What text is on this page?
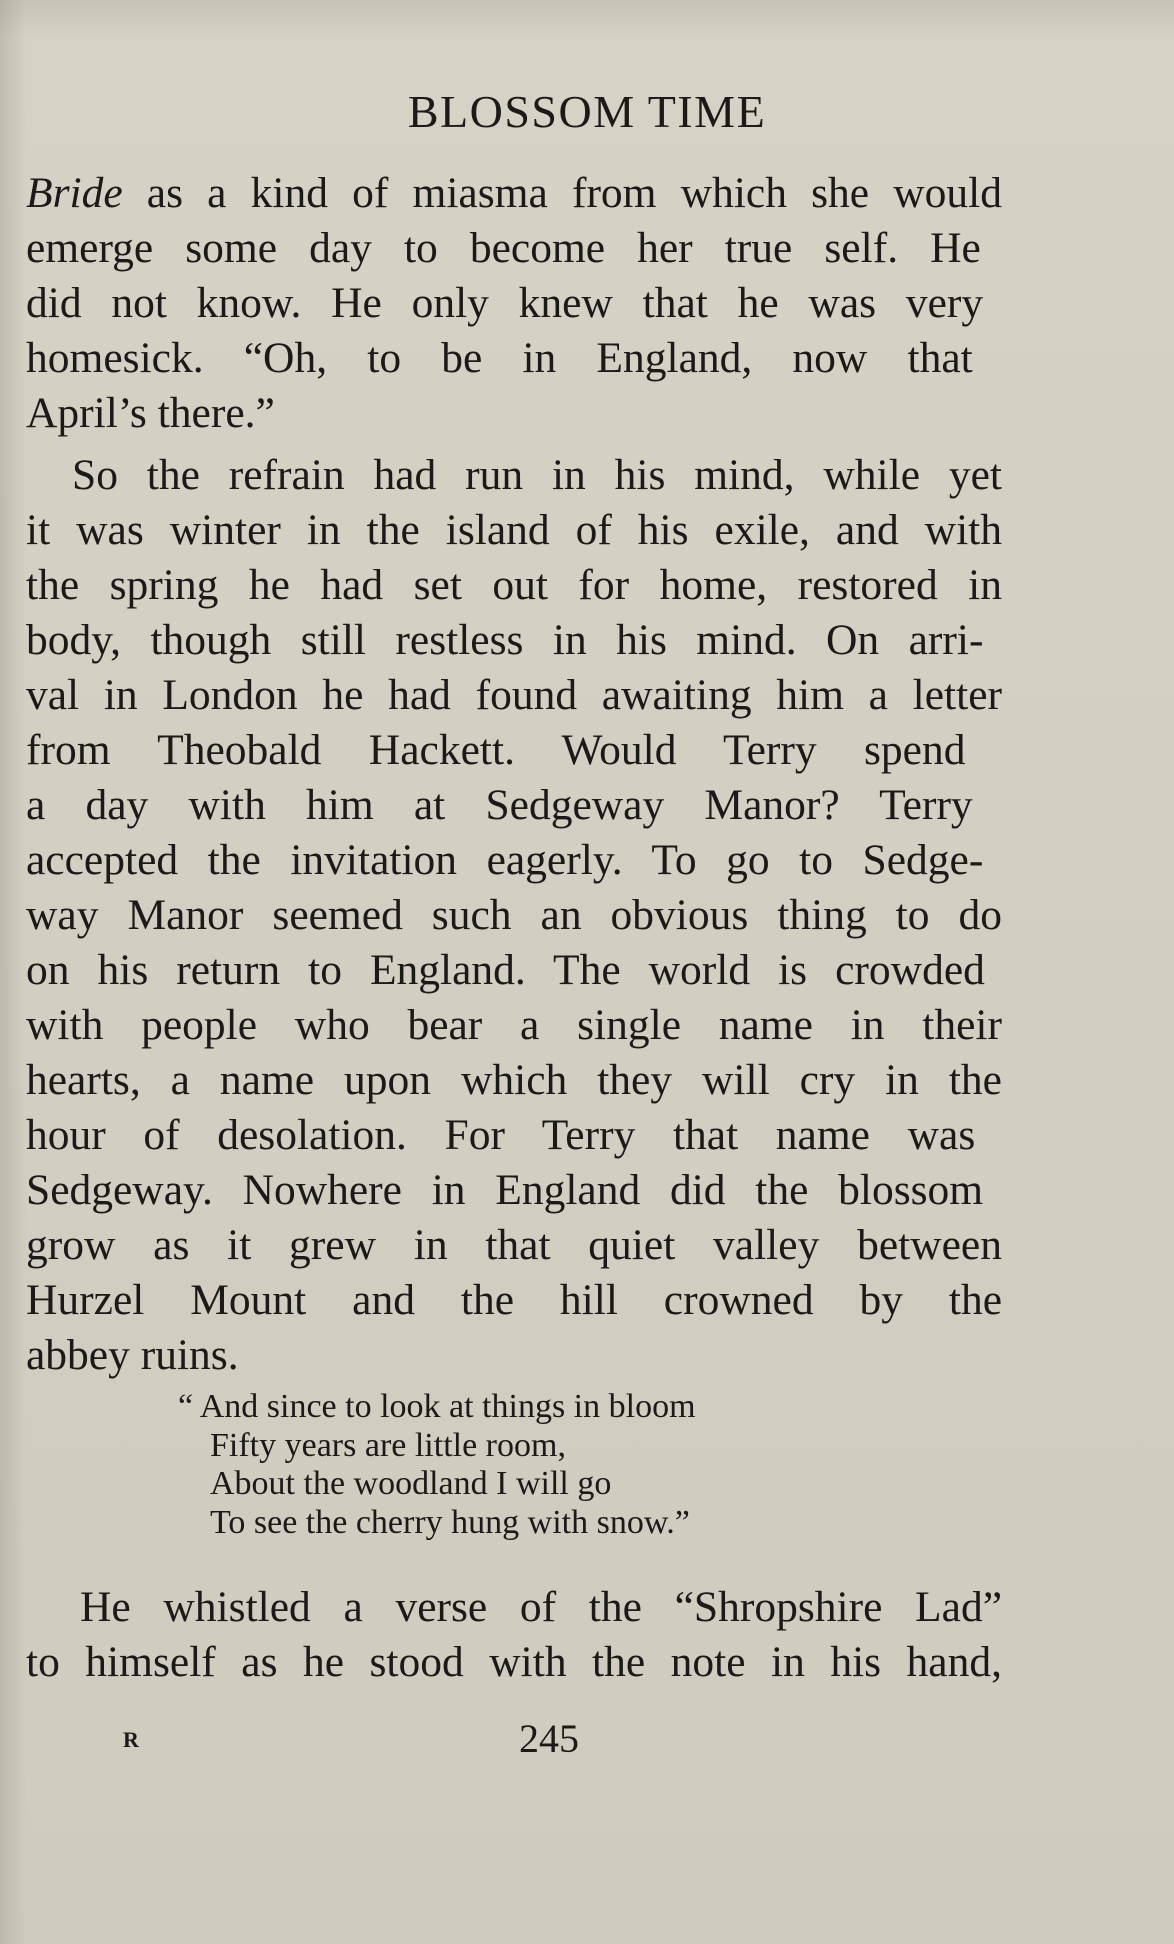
BLOSSOM TIME
Bride as a kind of miasma from which she would
emerge some day to become her true self. He
did not know. He only knew that he was very
homesick. “Oh, to be in England, now that
April’s there.”
So the refrain had run in his mind, while yet
it was winter in the island of his exile, and with
the spring he had set out for home, restored in
body, though still restless in his mind. On arri-
val in London he had found awaiting him a letter
from Theobald Hackett. Would Terry spend
a day with him at Sedgeway Manor? Terry
accepted the invitation eagerly. To go to Sedge-
way Manor seemed such an obvious thing to do
on his return to England. The world is crowded
with people who bear a single name in their
hearts, a name upon which they will cry in the
hour of desolation. For Terry that name was
Sedgeway. Nowhere in England did the blossom
grow as it grew in that quiet valley between
Hurzel Mount and the hill crowned by the
abbey ruins.
“ And since to look at things in bloom
Fifty years are little room,
About the woodland I will go
To see the cherry hung with snow.”
He whistled a verse of the “Shropshire Lad”
to himself as he stood with the note in his hand,
R	245
